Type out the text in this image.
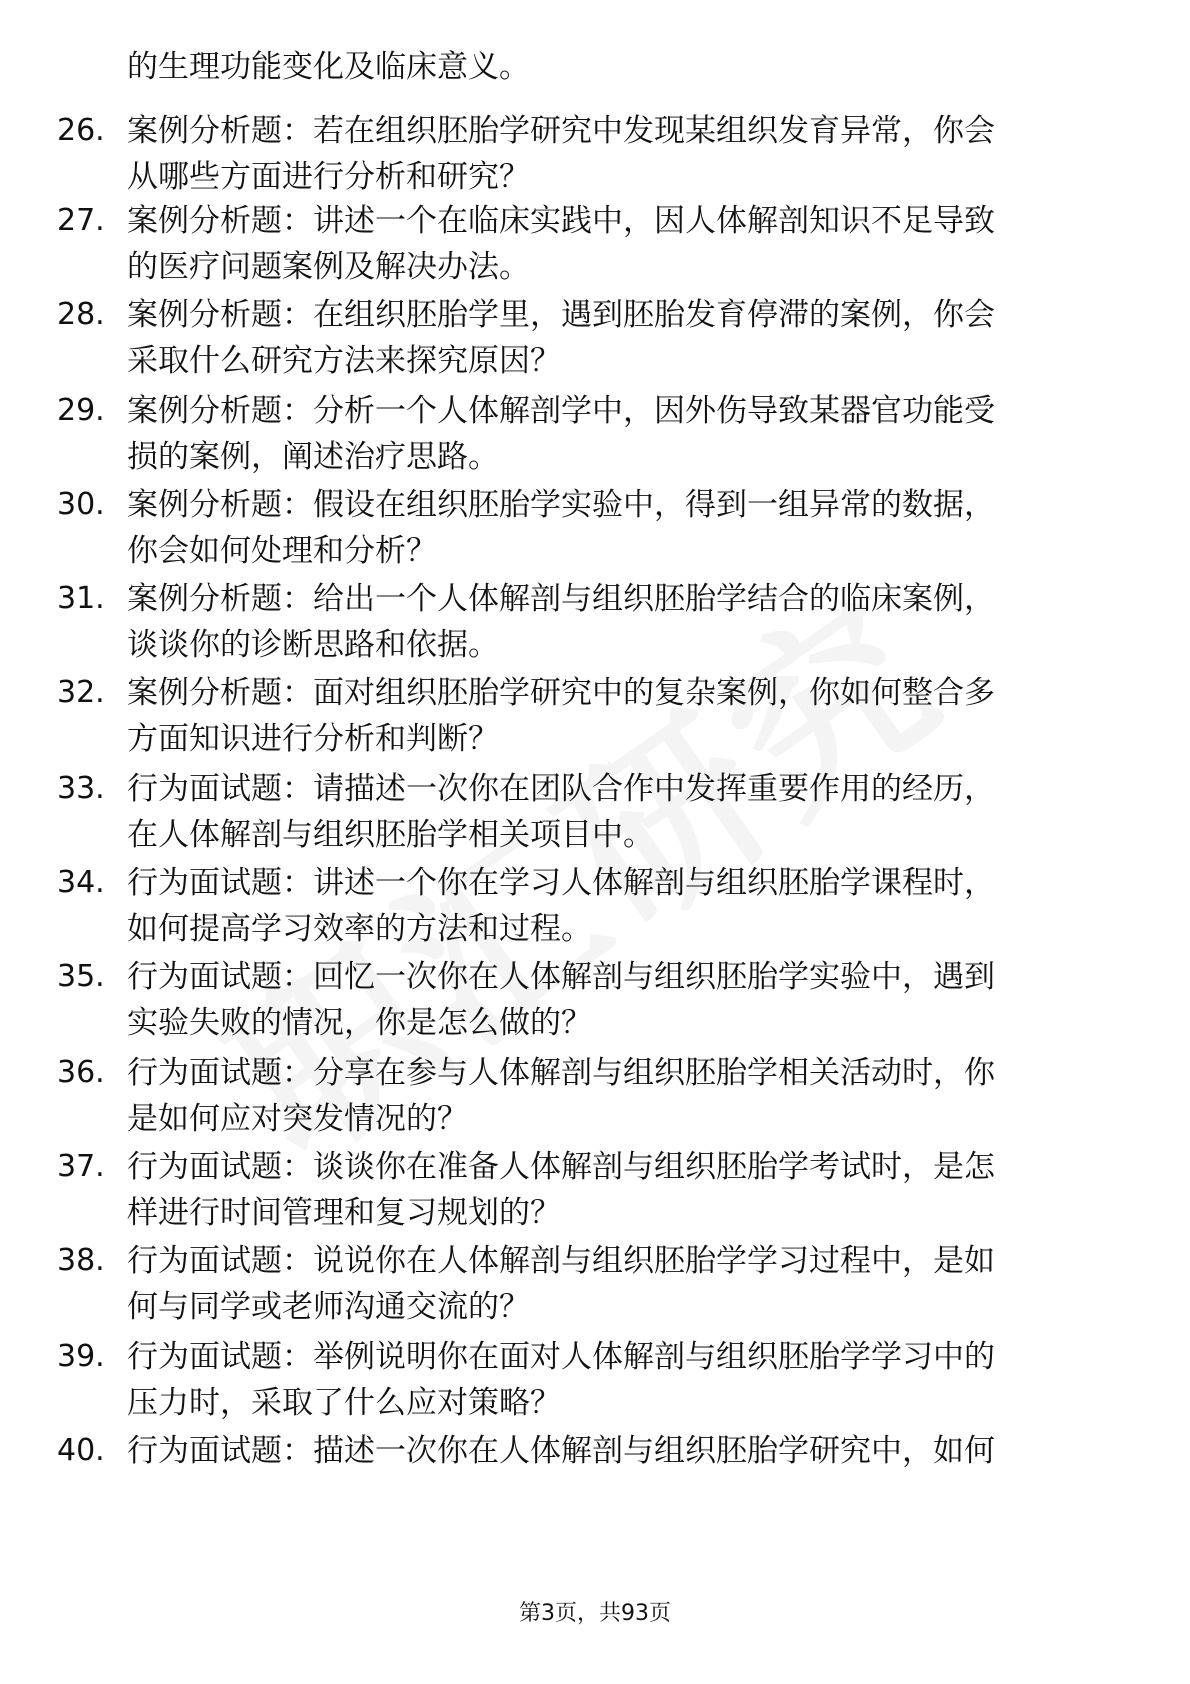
的生理功能变化及临床意义。

26. 案例分析题：若在组织胚胎学研究中发现某组织发育异常，你会
从哪些方面进行分析和研究？
27. 案例分析题：讲述一个在临床实践中，因人体解剖知识不足导致
的医疗问题案例及解决办法。
28. 案例分析题：在组织胚胎学里，遇到胚胎发育停滞的案例，你会
采取什么研究方法来探究原因？
29. 案例分析题：分析一个人体解剖学中，因外伤导致某器官功能受
损的案例，阐述治疗思路。
30. 案例分析题：假设在组织胚胎学实验中，得到一组异常的数据，
你会如何处理和分析？
31. 案例分析题：给出一个人体解剖与组织胚胎学结合的临床案例，
谈谈你的诊断思路和依据。
32. 案例分析题：面对组织胚胎学研究中的复杂案例，你如何整合多
方面知识进行分析和判断？
33. 行为面试题：请描述一次你在团队合作中发挥重要作用的经历，
在人体解剖与组织胚胎学相关项目中。
34. 行为面试题：讲述一个你在学习人体解剖与组织胚胎学课程时，
如何提高学习效率的方法和过程。
35. 行为面试题：回忆一次你在人体解剖与组织胚胎学实验中，遇到
实验失败的情况，你是怎么做的？
36. 行为面试题：分享在参与人体解剖与组织胚胎学相关活动时，你
是如何应对突发情况的？
37. 行为面试题：谈谈你在准备人体解剖与组织胚胎学考试时，是怎
样进行时间管理和复习规划的？
38. 行为面试题：说说你在人体解剖与组织胚胎学学习过程中，是如
何与同学或老师沟通交流的？
39. 行为面试题：举例说明你在面对人体解剖与组织胚胎学学习中的
压力时，采取了什么应对策略？
40. 行为面试题：描述一次你在人体解剖与组织胚胎学研究中，如何
第3页，共93页
